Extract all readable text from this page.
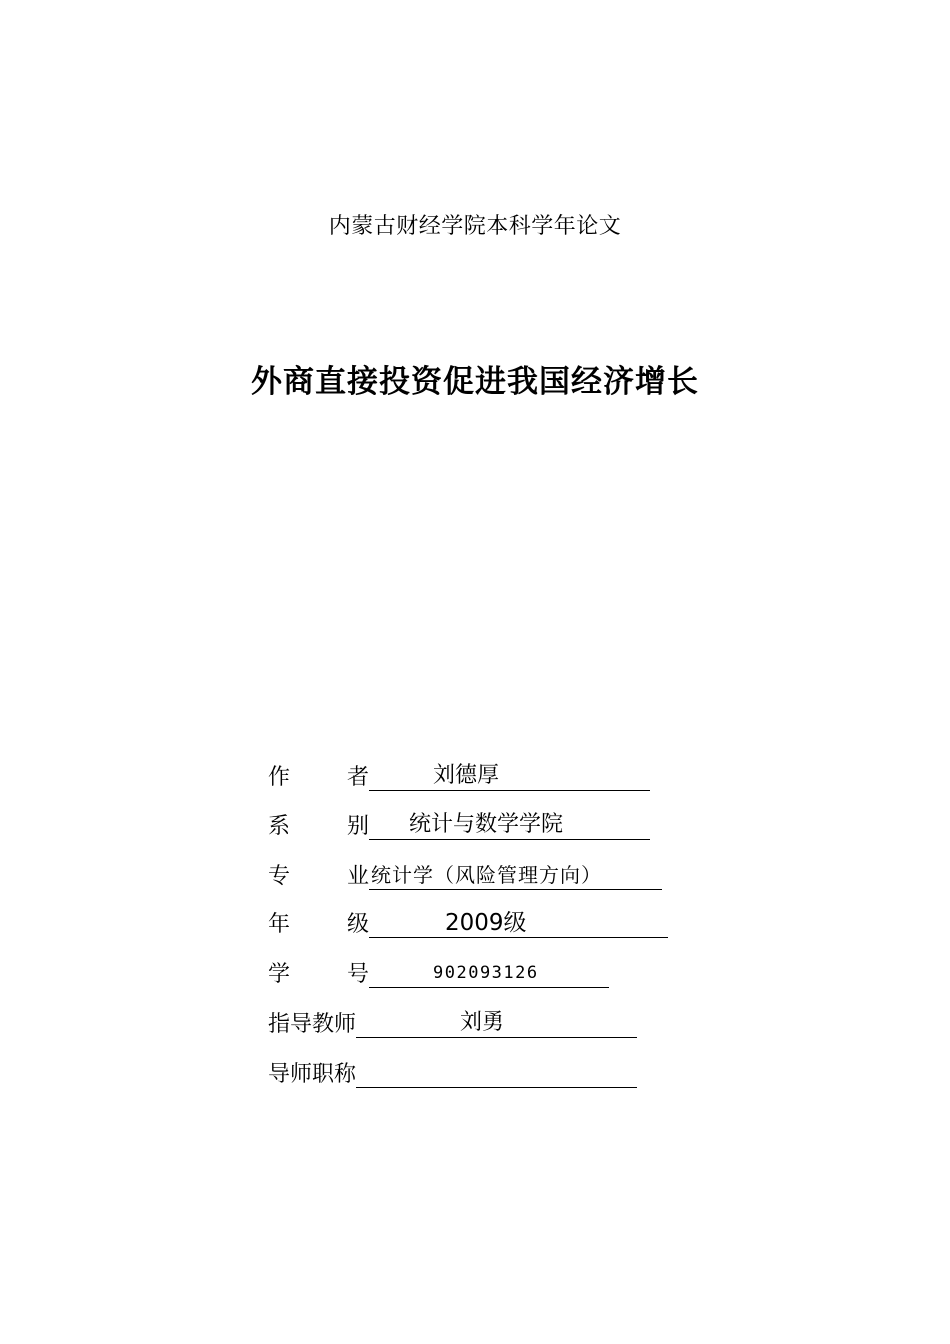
内蒙古财经学院本科学年论文
外商直接投资促进我国经济增长
作	者	刘德厚
系	别 统计与数学学院
专	业 统计学（风险管理方向）
年	级	2009级
学	号	902093126
指导教师	刘勇
导师职称
